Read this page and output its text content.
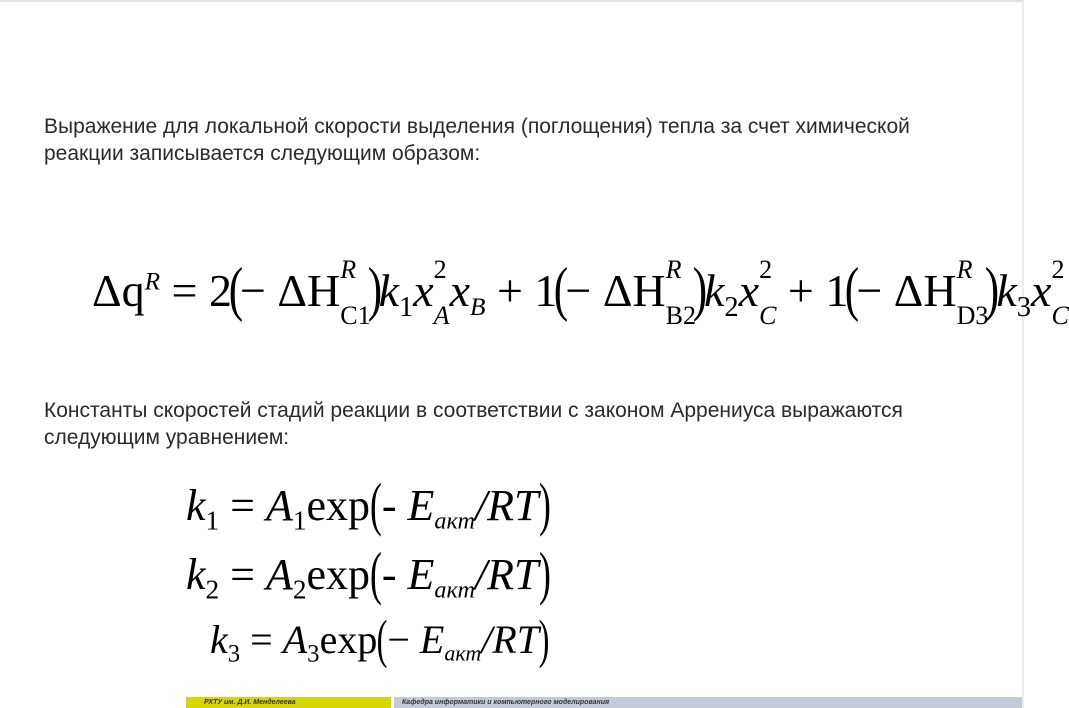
Выражение для локальной скорости выделения (поглощения) тепла за счет химической реакции записывается следующим образом:
$\Delta q^R = 2(- \Delta H$ R
C1
)$k_1x$ 2
A xB + 1(− ΔH R
B2
)$k_2x$ 2
C + 1(− ΔH R
D3
)$k_3x$ 2
C
Константы скоростей стадий реакции в соответствии с законом Аррениуса выражаются следующим уравнением:
$k_1 = A_1\exp(-$ Eакт/RT)
$k_2 = A_2\exp(-$ Eакт/RT)
$k_3 = A_3\exp(-$ Eакт/RT)
РХТУ им. Д.И. Менделеева	Кафедра информатики и компьютерного моделирования
